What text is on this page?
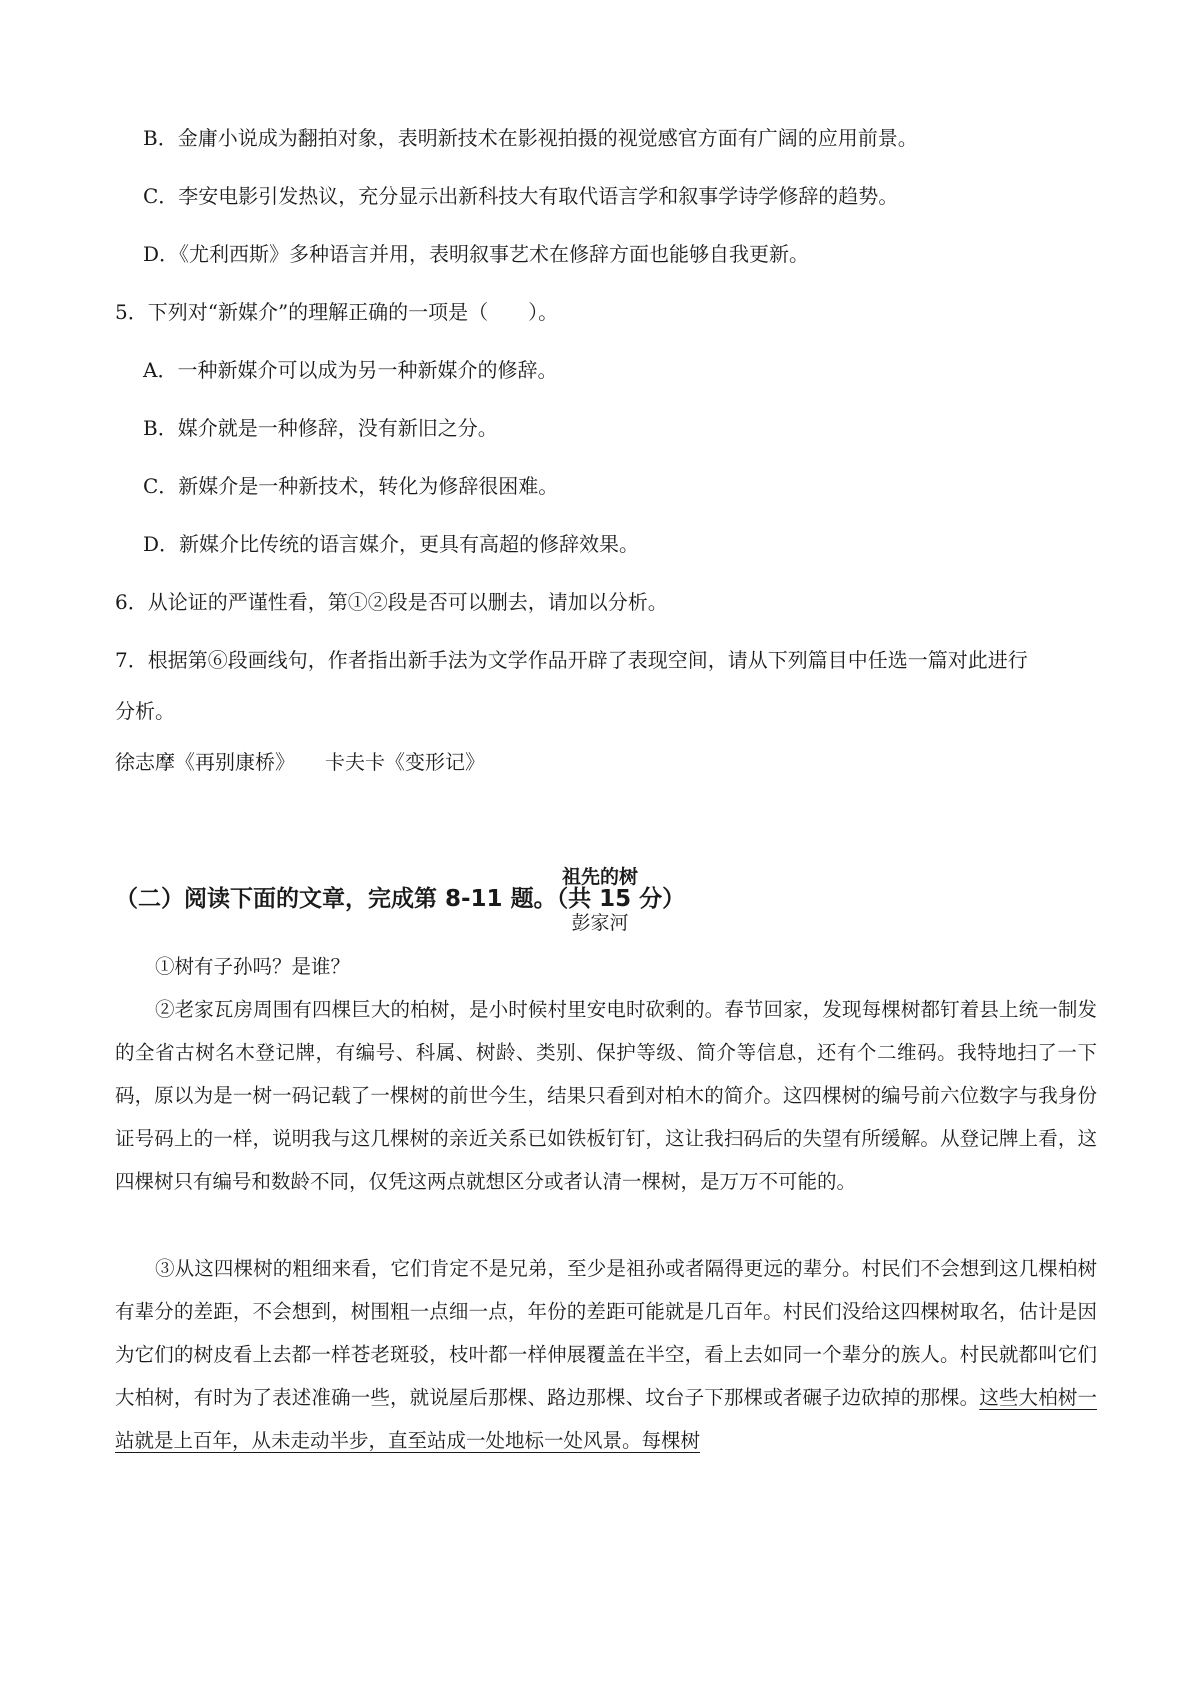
B．金庸小说成为翻拍对象，表明新技术在影视拍摄的视觉感官方面有广阔的应用前景。
C．李安电影引发热议，充分显示出新科技大有取代语言学和叙事学诗学修辞的趋势。
D．《尤利西斯》多种语言并用，表明叙事艺术在修辞方面也能够自我更新。
5．下列对“新媒介”的理解正确的一项是（　　）。
A．一种新媒介可以成为另一种新媒介的修辞。
B．媒介就是一种修辞，没有新旧之分。
C．新媒介是一种新技术，转化为修辞很困难。
D．新媒介比传统的语言媒介，更具有高超的修辞效果。
6．从论证的严谨性看，第①②段是否可以删去，请加以分析。
7．根据第⑥段画线句，作者指出新手法为文学作品开辟了表现空间，请从下列篇目中任选一篇对此进行
分析。
徐志摩《再别康桥》　　卡夫卡《变形记》
（二）阅读下面的文章，完成第 8-11 题。（共 15 分）
祖先的树
彭家河
①树有子孙吗？是谁？
②老家瓦房周围有四棵巨大的柏树，是小时候村里安电时砍剩的。春节回家，发现每棵树都钉着县上统一制发的全省古树名木登记牌，有编号、科属、树龄、类别、保护等级、简介等信息，还有个二维码。我特地扫了一下码，原以为是一树一码记载了一棵树的前世今生，结果只看到对柏木的简介。这四棵树的编号前六位数字与我身份证号码上的一样，说明我与这几棵树的亲近关系已如铁板钉钉，这让我扫码后的失望有所缓解。从登记牌上看，这四棵树只有编号和数龄不同，仅凭这两点就想区分或者认清一棵树，是万万不可能的。
③从这四棵树的粗细来看，它们肯定不是兄弟，至少是祖孙或者隔得更远的辈分。村民们不会想到这几棵柏树有辈分的差距，不会想到，树围粗一点细一点，年份的差距可能就是几百年。村民们没给这四棵树取名，估计是因为它们的树皮看上去都一样苍老斑驳，枝叶都一样伸展覆盖在半空，看上去如同一个辈分的族人。村民就都叫它们大柏树，有时为了表述准确一些，就说屋后那棵、路边那棵、坟台子下那棵或者碾子边砍掉的那棵。这些大柏树一站就是上百年，从未走动半步，直至站成一处地标一处风景。每棵树
